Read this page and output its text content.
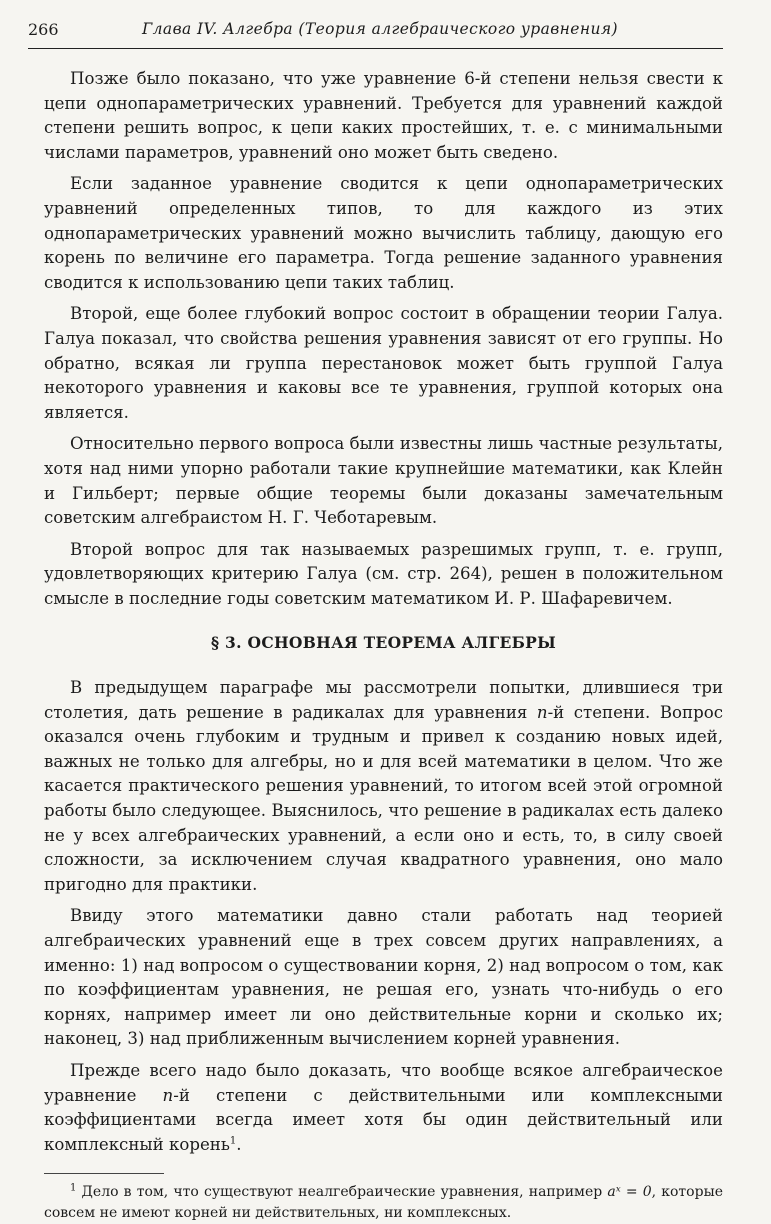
266	Глава IV. Алгебра (Теория алгебраического уравнения)

Позже было показано, что уже уравнение 6-й степени нельзя свести к цепи однопараметрических уравнений. Требуется для уравнений каждой степени решить вопрос, к цепи каких простейших, т. е. с минимальными числами параметров, уравнений оно может быть сведено.

Если заданное уравнение сводится к цепи однопараметрических уравнений определенных типов, то для каждого из этих однопараметрических уравнений можно вычислить таблицу, дающую его корень по величине его параметра. Тогда решение заданного уравнения сводится к использованию цепи таких таблиц.

Второй, еще более глубокий вопрос состоит в обращении теории Галуа. Галуа показал, что свойства решения уравнения зависят от его группы. Но обратно, всякая ли группа перестановок может быть группой Галуа некоторого уравнения и каковы все те уравнения, группой которых она является.

Относительно первого вопроса были известны лишь частные результаты, хотя над ними упорно работали такие крупнейшие математики, как Клейн и Гильберт; первые общие теоремы были доказаны замечательным советским алгебраистом Н. Г. Чеботаревым.

Второй вопрос для так называемых разрешимых групп, т. е. групп, удовлетворяющих критерию Галуа (см. стр. 264), решен в положительном смысле в последние годы советским математиком И. Р. Шафаревичем.

§ 3. ОСНОВНАЯ ТЕОРЕМА АЛГЕБРЫ

В предыдущем параграфе мы рассмотрели попытки, длившиеся три столетия, дать решение в радикалах для уравнения n-й степени. Вопрос оказался очень глубоким и трудным и привел к созданию новых идей, важных не только для алгебры, но и для всей математики в целом. Что же касается практического решения уравнений, то итогом всей этой огромной работы было следующее. Выяснилось, что решение в радикалах есть далеко не у всех алгебраических уравнений, а если оно и есть, то, в силу своей сложности, за исключением случая квадратного уравнения, оно мало пригодно для практики.

Ввиду этого математики давно стали работать над теорией алгебраических уравнений еще в трех совсем других направлениях, а именно: 1) над вопросом о существовании корня, 2) над вопросом о том, как по коэффициентам уравнения, не решая его, узнать что-нибудь о его корнях, например имеет ли оно действительные корни и сколько их; наконец, 3) над приближенным вычислением корней уравнения.

Прежде всего надо было доказать, что вообще всякое алгебраическое уравнение n-й степени с действительными или комплексными коэффициентами всегда имеет хотя бы один действительный или комплексный корень$^1$.

$^1$ Дело в том, что существуют неалгебраические уравнения, например aˣ = 0, которые совсем не имеют корней ни действительных, ни комплексных.
